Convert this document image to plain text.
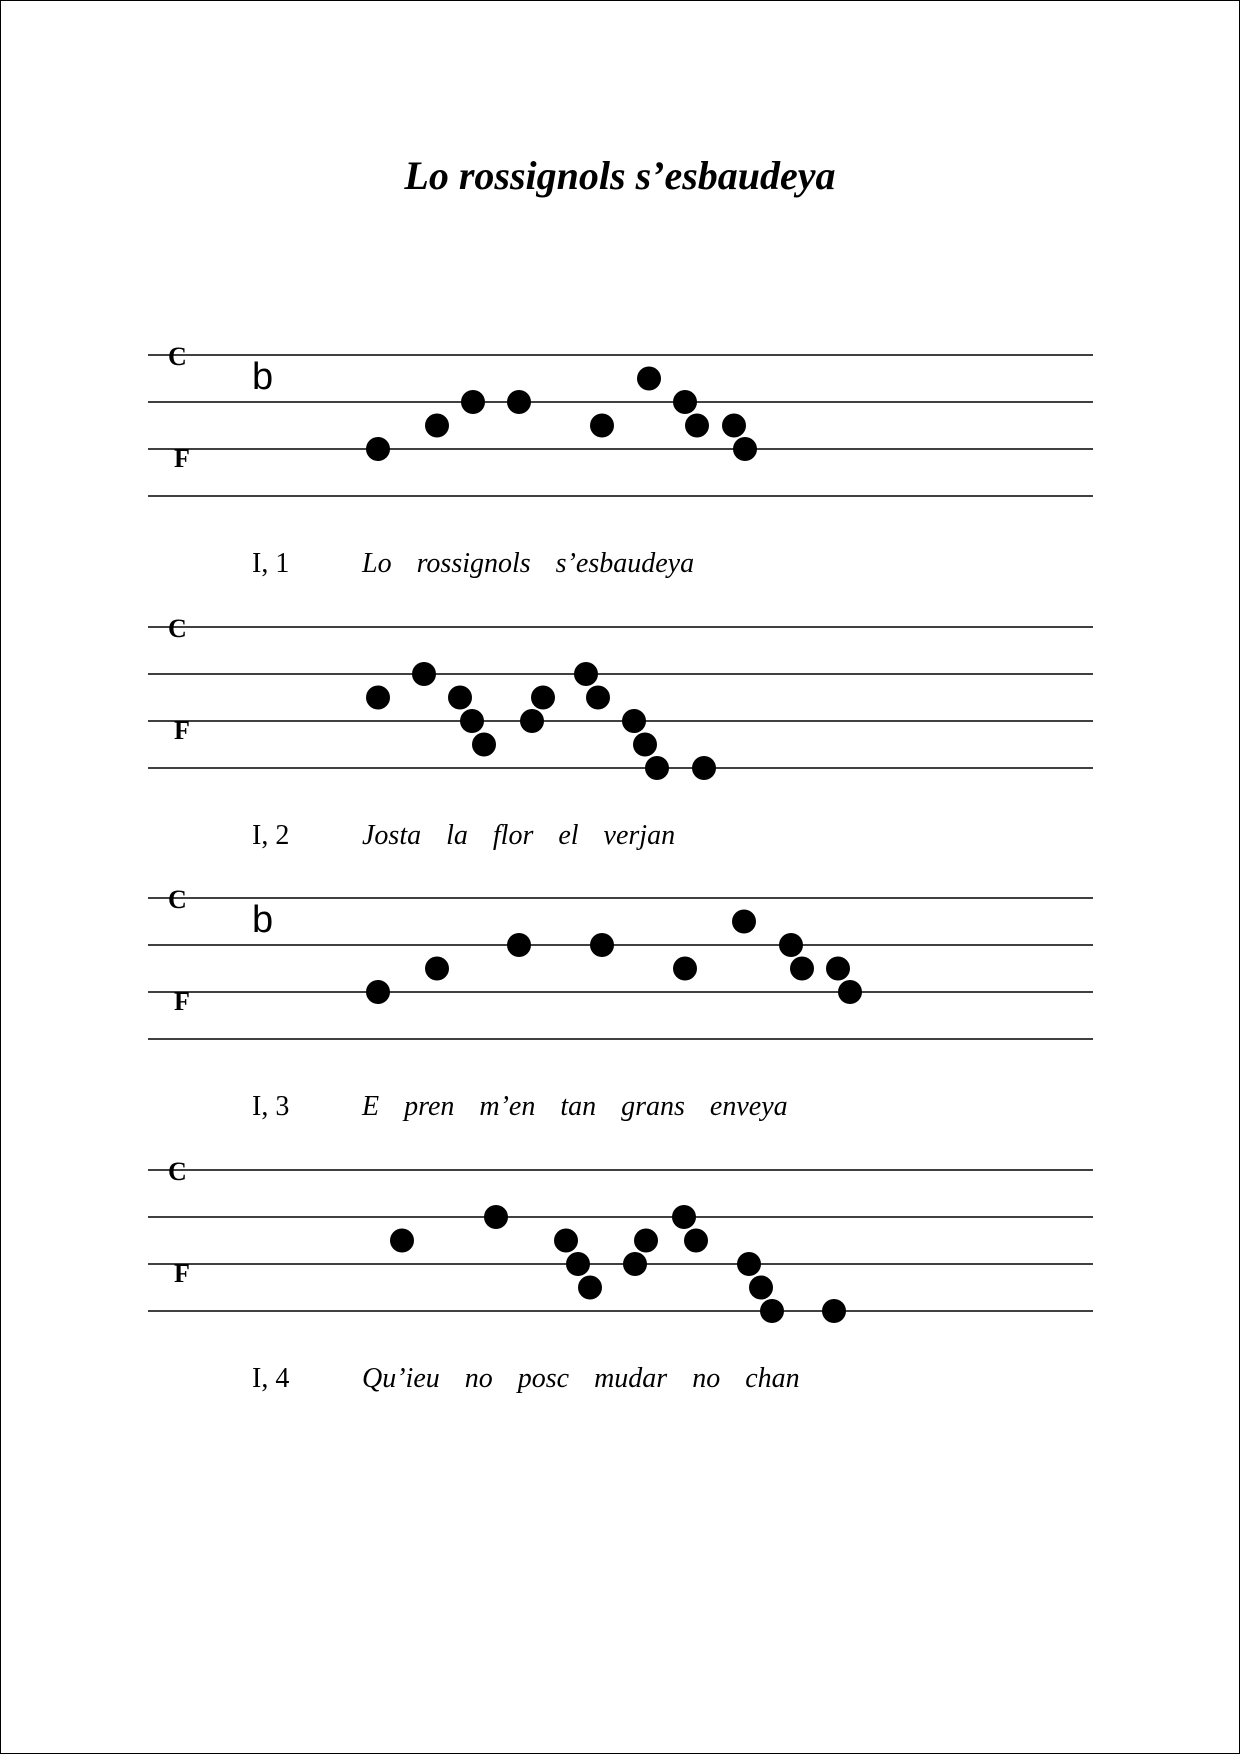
Lo rossignols s’esbaudeya
C
F
b
I, 1	Lo rossignols s’esbaudeya
C
F
I, 2	Josta la flor el verjan
C
F
b
I, 3	E pren m’en tan grans enveya
C
F
I, 4	Qu’ieu no posc mudar no chan
